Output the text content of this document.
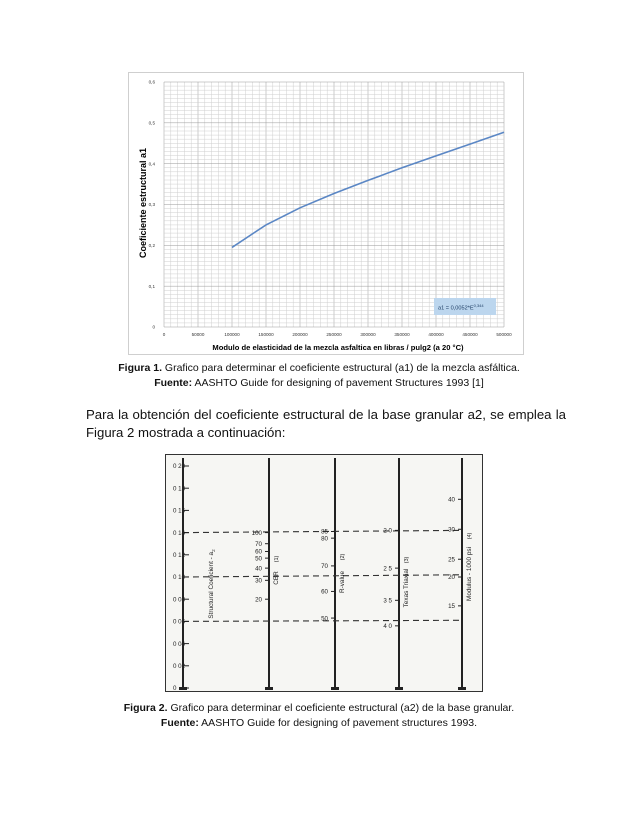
0	50000	100000	150000	200000	250000	300000	350000	400000	450000	500000
0
0,1
0,2
0,3
0,4
0,5
0,6
$a1 = 0,0052*E^{0,344}$
Coeficiente estructural a1
Modulo de elasticidad de la mezcla asfaltica en libras / pulg2 (a 20 °C)
Figura 1. Grafico para determinar el coeficiente estructural (a1) de la mezcla asfáltica.
Fuente: AASHTO Guide for designing of pavement Structures 1993 [1]
Para la obtención del coeficiente estructural de la base granular a2, se emplea la Figura 2 mostrada a continuación:
0 20
0 18
0 16
0 14
0 12
0 10
0 08
0 06
0 04
0 02
0
Structural Coeficient - $a_2$
100
70
60
50
40
30
20
CBR
(1)
85
80
70
60
50
R-value
(2)
2 0
2 5
3 5
4 0
Texas Triaxial
(3)
40
30
25
20
15
Modulus - 1000 psi
(4)
Figura 2. Grafico para determinar el coeficiente estructural (a2) de la base granular.
Fuente: AASHTO Guide for designing of pavement structures 1993.
